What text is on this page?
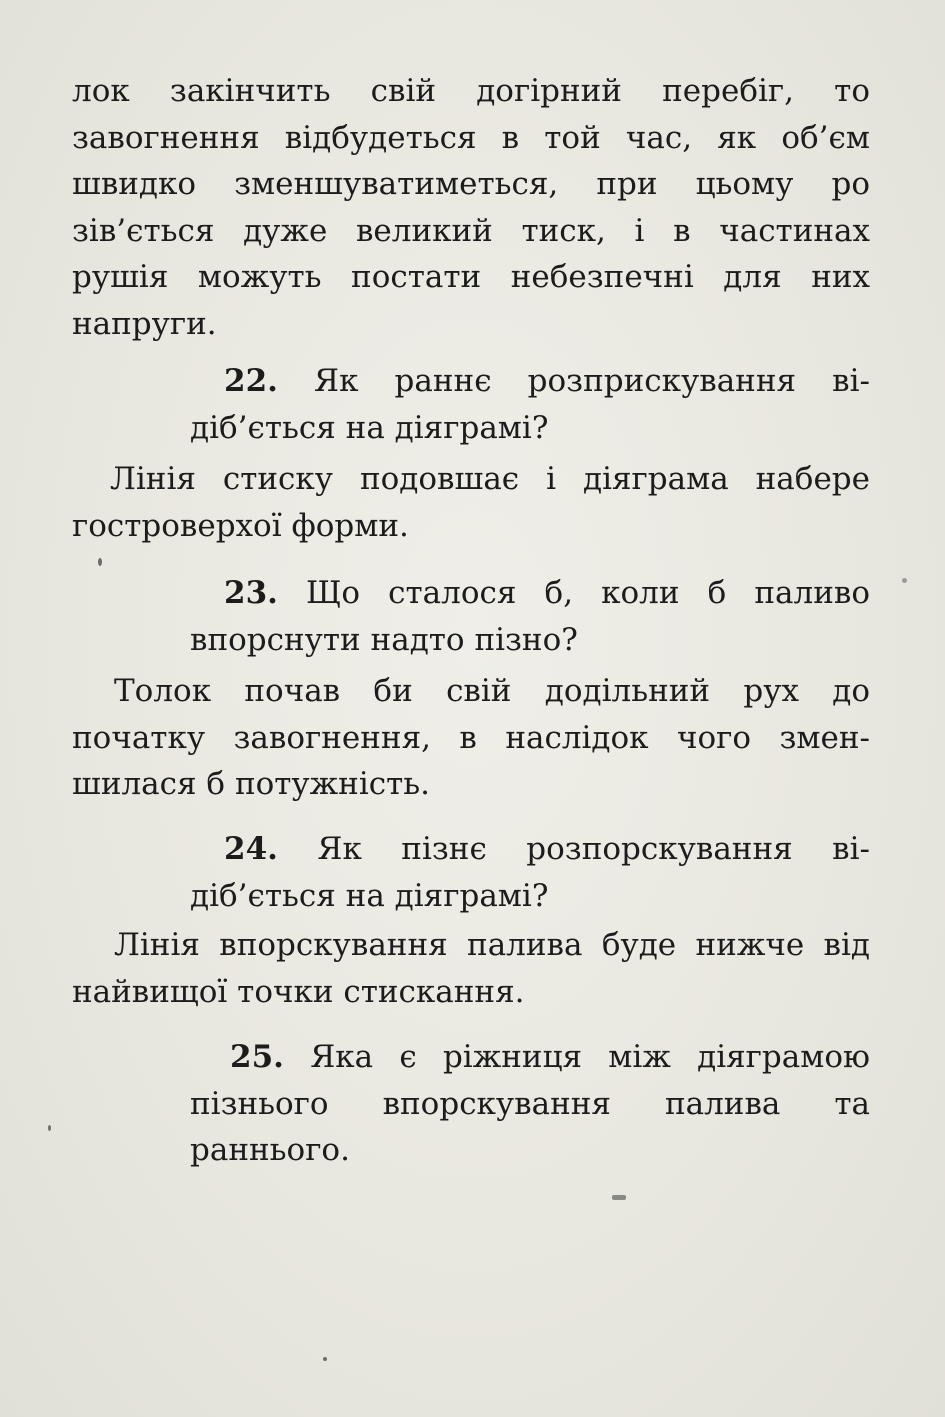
лок закінчить свій догірний перебіг, то
завогнення відбудеться в той час, як об’єм
швидко зменшуватиметься, при цьому ро
зів’ється дуже великий тиск, і в частинах
рушія можуть постати небезпечні для них
напруги.
22. Як раннє розприскування ві-
діб’ється на діяграмі?
Лінія стиску подовшає і діяграма набере
гостроверхої форми.
23. Що сталося б, коли б паливо
впорснути надто пізно?
Толок почав би свій додільний рух до
початку завогнення, в наслідок чого змен-
шилася б потужність.
24. Як пізнє розпорскування ві-
діб’ється на діяграмі?
Лінія впорскування палива буде нижче від
найвищої точки стискання.
25. Яка є ріжниця між діяграмою
пізнього впорскування палива та
раннього.
